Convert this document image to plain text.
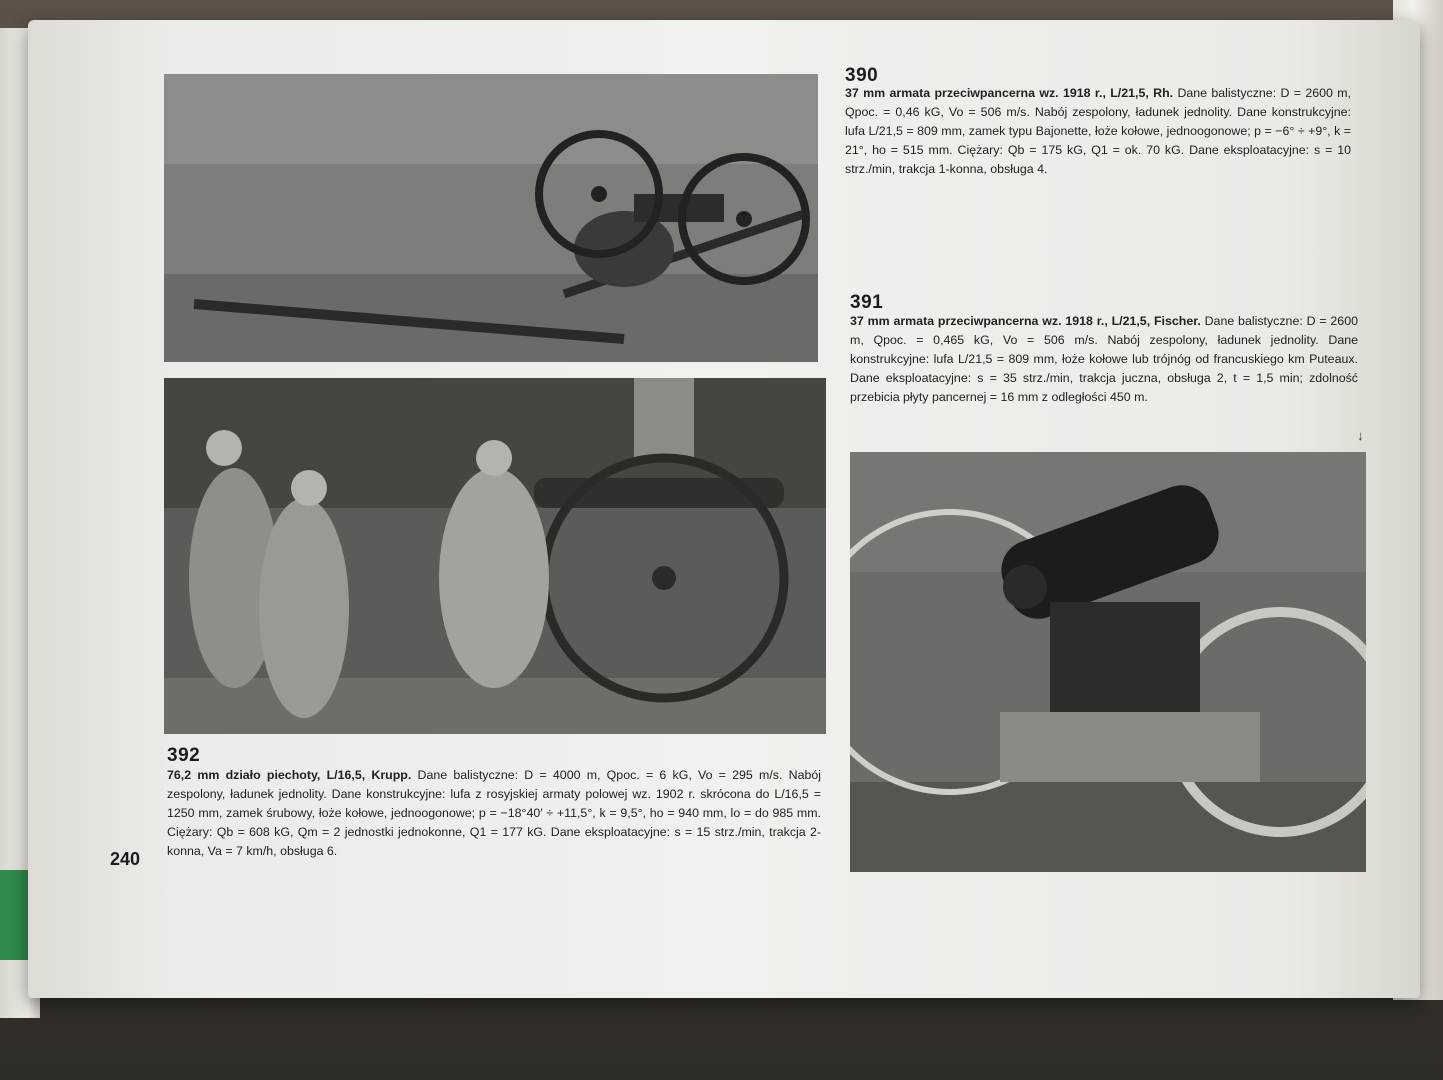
390

37 mm armata przeciwpancerna wz. 1918 r., L/21,5, Rh. Dane balistyczne: D = 2600 m, Qpoc. = 0,46 kG, Vo = 506 m/s. Nabój zespolony, ładunek jednolity. Dane konstrukcyjne: lufa L/21,5 = 809 mm, zamek typu Bajonette, łoże kołowe, jednoogonowe; p = −6° ÷ +9°, k = 21°, ho = 515 mm. Ciężary: Qb = 175 kG, Q1 = ok. 70 kG. Dane eksploatacyjne: s = 10 strz./min, trakcja 1-konna, obsługa 4.

391

37 mm armata przeciwpancerna wz. 1918 r., L/21,5, Fischer. Dane balistyczne: D = 2600 m, Qpoc. = 0,465 kG, Vo = 506 m/s. Nabój zespolony, ładunek jednolity. Dane konstrukcyjne: lufa L/21,5 = 809 mm, łoże kołowe lub trójnóg od francuskiego km Puteaux. Dane eksploatacyjne: s = 35 strz./min, trakcja juczna, obsługa 2, t = 1,5 min; zdolność przebicia płyty pancernej = 16 mm z odległości 450 m.

↓
392

76,2 mm działo piechoty, L/16,5, Krupp. Dane balistyczne: D = 4000 m, Qpoc. = 6 kG, Vo = 295 m/s. Nabój zespolony, ładunek jednolity. Dane konstrukcyjne: lufa z rosyjskiej armaty polowej wz. 1902 r. skrócona do L/16,5 = 1250 mm, zamek śrubowy, łoże kołowe, jednoogonowe; p = −18°40′ ÷ +11,5°, k = 9,5°, ho = 940 mm, lo = do 985 mm. Ciężary: Qb = 608 kG, Qm = 2 jednostki jednokonne, Q1 = 177 kG. Dane eksploatacyjne: s = 15 strz./min, trakcja 2-konna, Va = 7 km/h, obsługa 6.

240
